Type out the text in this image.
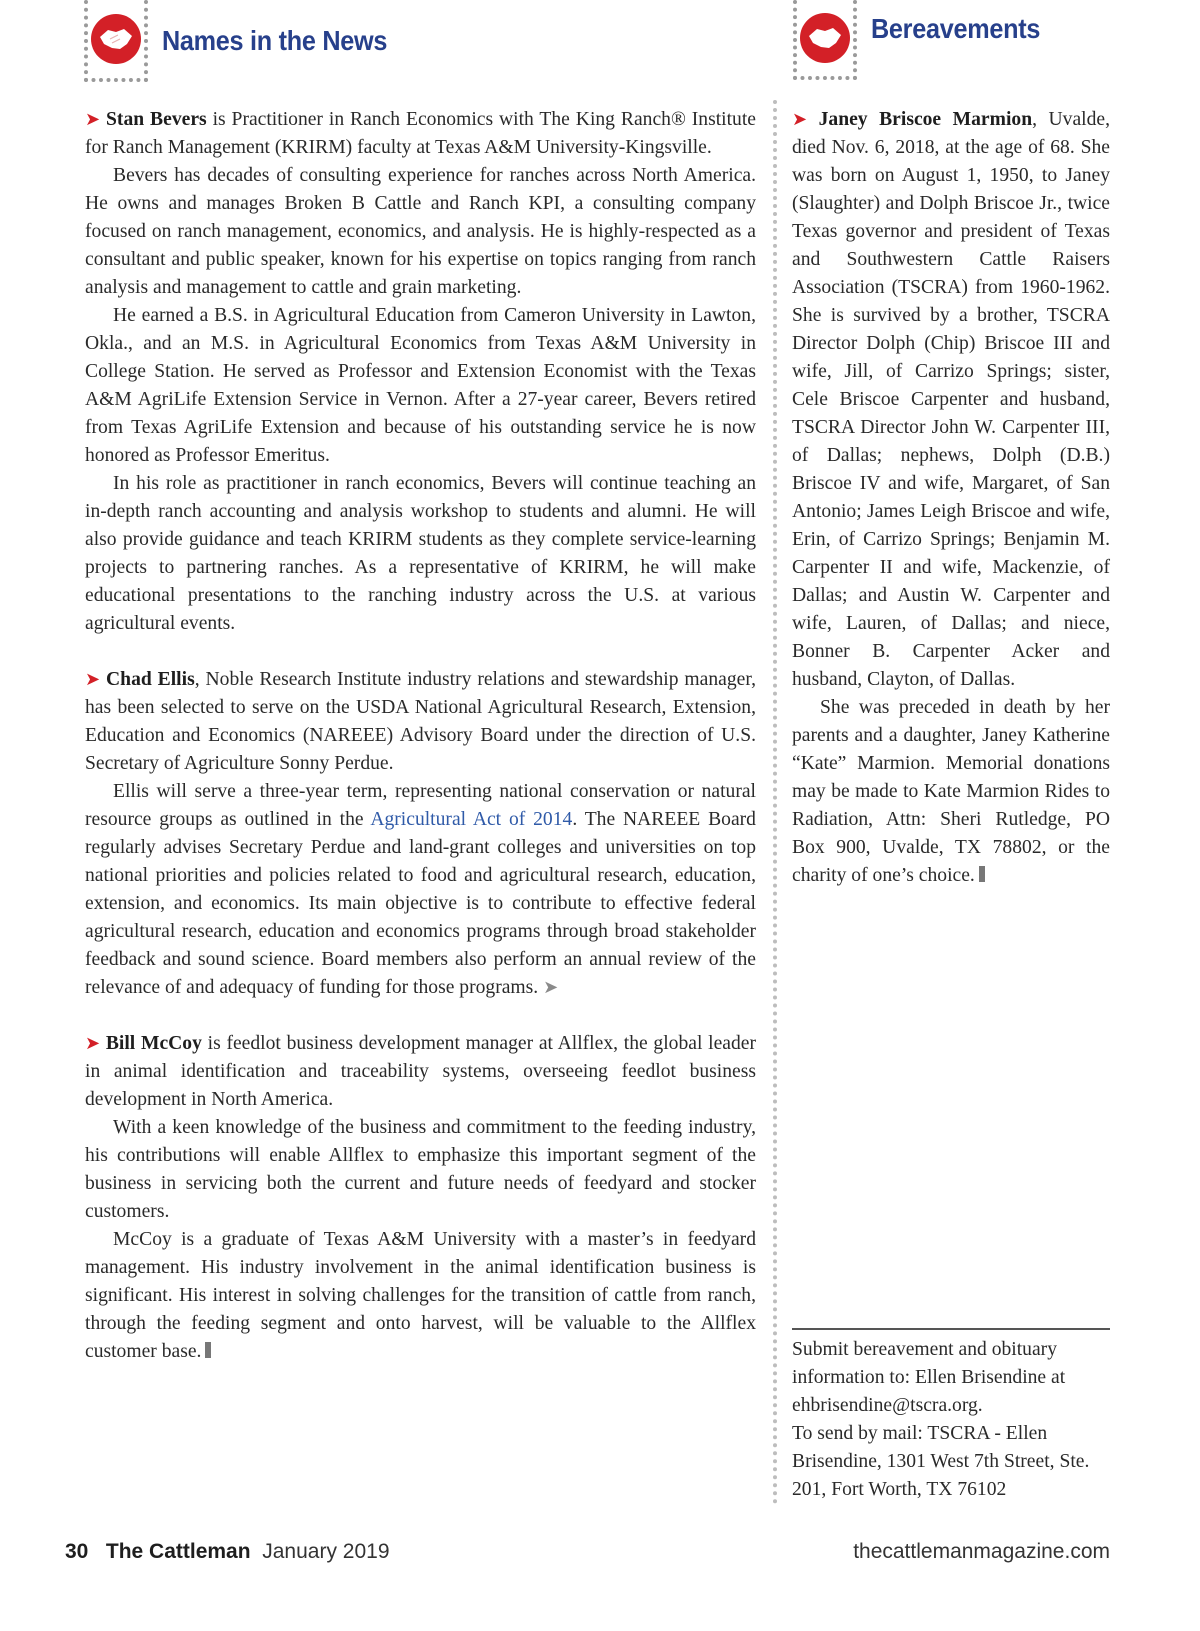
Names in the News	Bereavements

➤ Stan Bevers is Practitioner in Ranch Economics with The King Ranch® Institute for Ranch Management (KRIRM) faculty at Texas A&M University-Kingsville.

Bevers has decades of consulting experience for ranches across North America. He owns and manages Broken B Cattle and Ranch KPI, a consulting company focused on ranch management, economics, and analysis. He is highly-respected as a consultant and public speaker, known for his expertise on topics ranging from ranch analysis and management to cattle and grain marketing.

He earned a B.S. in Agricultural Education from Cameron University in Lawton, Okla., and an M.S. in Agricultural Economics from Texas A&M University in College Station. He served as Professor and Extension Economist with the Texas A&M AgriLife Extension Service in Vernon. After a 27-year career, Bevers retired from Texas AgriLife Extension and because of his outstanding service he is now honored as Professor Emeritus.

In his role as practitioner in ranch economics, Bevers will continue teaching an in-depth ranch accounting and analysis workshop to students and alumni. He will also provide guidance and teach KRIRM students as they complete service-learning projects to partnering ranches. As a representative of KRIRM, he will make educational presentations to the ranching industry across the U.S. at various agricultural events.

➤ Chad Ellis, Noble Research Institute industry relations and stewardship manager, has been selected to serve on the USDA National Agricultural Research, Extension, Education and Economics (NAREEE) Advisory Board under the direction of U.S. Secretary of Agriculture Sonny Perdue.

Ellis will serve a three-year term, representing national conservation or natural resource groups as outlined in the Agricultural Act of 2014. The NAREEE Board regularly advises Secretary Perdue and land-grant colleges and universities on top national priorities and policies related to food and agricultural research, education, extension, and economics. Its main objective is to contribute to effective federal agricultural research, education and economics programs through broad stakeholder feedback and sound science. Board members also perform an annual review of the relevance of and adequacy of funding for those programs. ➤

➤ Bill McCoy is feedlot business development manager at Allflex, the global leader in animal identification and traceability systems, overseeing feedlot business development in North America.

With a keen knowledge of the business and commitment to the feeding industry, his contributions will enable Allflex to emphasize this important segment of the business in servicing both the current and future needs of feedyard and stocker customers.

McCoy is a graduate of Texas A&M University with a master’s in feedyard management. His industry involvement in the animal identification business is significant. His interest in solving challenges for the transition of cattle from ranch, through the feeding segment and onto harvest, will be valuable to the Allflex customer base.

➤ Janey Briscoe Marmion, Uvalde, died Nov. 6, 2018, at the age of 68. She was born on August 1, 1950, to Janey (Slaughter) and Dolph Briscoe Jr., twice Texas governor and president of Texas and Southwestern Cattle Raisers Association (TSCRA) from 1960-1962. She is survived by a brother, TSCRA Director Dolph (Chip) Briscoe III and wife, Jill, of Carrizo Springs; sister, Cele Briscoe Carpenter and husband, TSCRA Director John W. Carpenter III, of Dallas; nephews, Dolph (D.B.) Briscoe IV and wife, Margaret, of San Antonio; James Leigh Briscoe and wife, Erin, of Carrizo Springs; Benjamin M. Carpenter II and wife, Mackenzie, of Dallas; and Austin W. Carpenter and wife, Lauren, of Dallas; and niece, Bonner B. Carpenter Acker and husband, Clayton, of Dallas.

She was preceded in death by her parents and a daughter, Janey Katherine “Kate” Marmion. Memorial donations may be made to Kate Marmion Rides to Radiation, Attn: Sheri Rutledge, PO Box 900, Uvalde, TX 78802, or the charity of one’s choice.

Submit bereavement and obituary information to: Ellen Brisendine at ehbrisendine@tscra.org.
To send by mail: TSCRA - Ellen Brisendine, 1301 West 7th Street, Ste. 201, Fort Worth, TX 76102
30 The Cattleman January 2019	thecattlemanmagazine.com
